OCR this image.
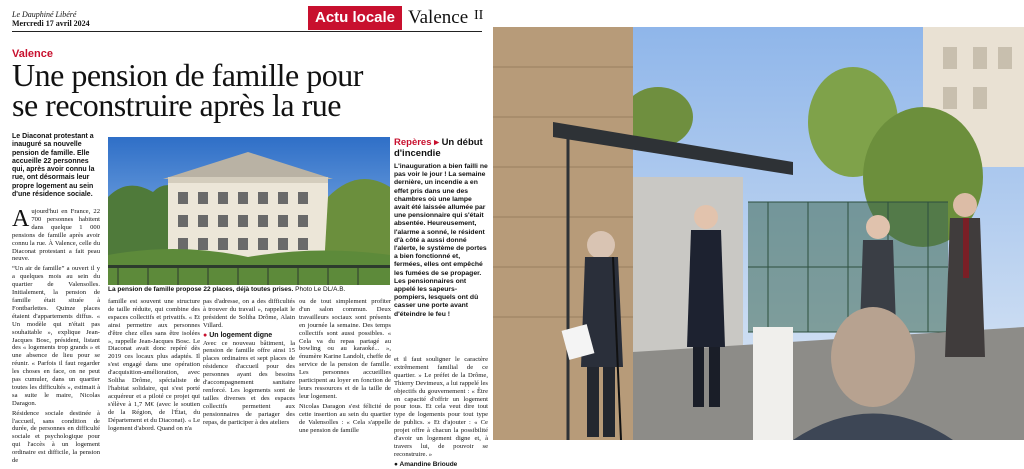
Le Dauphiné Libéré
Mercredi 17 avril 2024	Actu locale Valence II
Valence
Une pension de famille pour
se reconstruire après la rue
Le Diaconat protestant a inauguré sa nouvelle pension de famille. Elle accueille 22 personnes qui, après avoir connu la rue, ont désormais leur propre logement au sein d'une résidence sociale.

Aujourd'hui en France, 22 700 personnes habitent dans quelque 1 000 pensions de famille après avoir connu la rue. À Valence, celle du Diaconat protestant a fait peau neuve.

“Un air de famille” a ouvert il y a quelques mois au sein du quartier de Valensolles. Initialement, la pension de famille était située à Fontbarlettes. Quinze places étaient d'appartements diffus. « Un modèle qui n'était pas souhaitable », explique Jean-Jacques Bosc, président, listant des « logements trop grands » et une absence de lieu pour se réunir. « Parfois il faut regarder les choses en face, on ne peut pas cumuler, dans un quartier toutes les difficultés », estimait à sa suite le maire, Nicolas Daragon.

Résidence sociale destinée à l'accueil, sans condition de durée, de personnes en difficulté sociale et psychologique pour qui l'accès à un logement ordinaire est difficile, la pension de

La pension de famille propose 22 places, déjà toutes prises. Photo Le DL/A.B.

famille est souvent une structure de taille réduite, qui combine des espaces collectifs et privatifs. « Et ainsi permettre aux personnes d'être chez elles sans être isolées », rappelle Jean-Jacques Bosc. Le Diaconat avait donc repéré dès 2019 ces locaux plus adaptés. Il s'est engagé dans une opération d'acquisition-amélioration, avec Soliha Drôme, spécialiste de l'habitat solidaire, qui s'est porté acquéreur et a piloté ce projet qui s'élève à 1,7 M€ (avec le soutien de la Région, de l'État, du Département et du Diaconat). « Le logement d'abord. Quand on n'a

pas d'adresse, on a des difficultés à trouver du travail », rappelait le président de Soliha Drôme, Alain Villard.

● Un logement digne

Avec ce nouveau bâtiment, la pension de famille offre ainsi 15 places ordinaires et sept places de résidence d'accueil pour des personnes ayant des besoins d'accompagnement sanitaire renforcé. Les logements sont de tailles diverses et des espaces collectifs permettent aux pensionnaires de partager des repas, de participer à des ateliers

ou de tout simplement profiter d'un salon commun. Deux travailleurs sociaux sont présents en journée la semaine. Des temps collectifs sont aussi possibles. « Cela va du repas partagé au bowling ou au karaoké... », énumère Karine Landolt, cheffe de service de la pension de famille. Les personnes accueillies participent au loyer en fonction de leurs ressources et de la taille de leur logement.

Nicolas Daragon s'est félicité de cette insertion au sein du quartier de Valensolles : « Cela s'appelle une pension de famille

Repères ▸ Un début d'incendie
L'inauguration a bien failli ne pas voir le jour ! La semaine dernière, un incendie a en effet pris dans une des chambres où une lampe avait été laissée allumée par une pensionnaire qui s'était absentée. Heureusement, l'alarme a sonné, le résident d'à côté a aussi donné l'alerte, le système de portes a bien fonctionné et, fermées, elles ont empêché les fumées de se propager. Les pensionnaires ont appelé les sapeurs-pompiers, lesquels ont dû casser une porte avant d'éteindre le feu !

et il faut souligner le caractère extrêmement familial de ce quartier. » Le préfet de la Drôme, Thierry Devimeux, a lui rappelé les objectifs du gouvernement : « Être en capacité d'offrir un logement pour tous. Et cela veut dire tout type de logements pour tout type de publics. » Et d'ajouter : « Ce projet offre à chacun la possibilité d'avoir un logement digne et, à travers lui, de pouvoir se reconstruire. »

● Amandine Brioude
